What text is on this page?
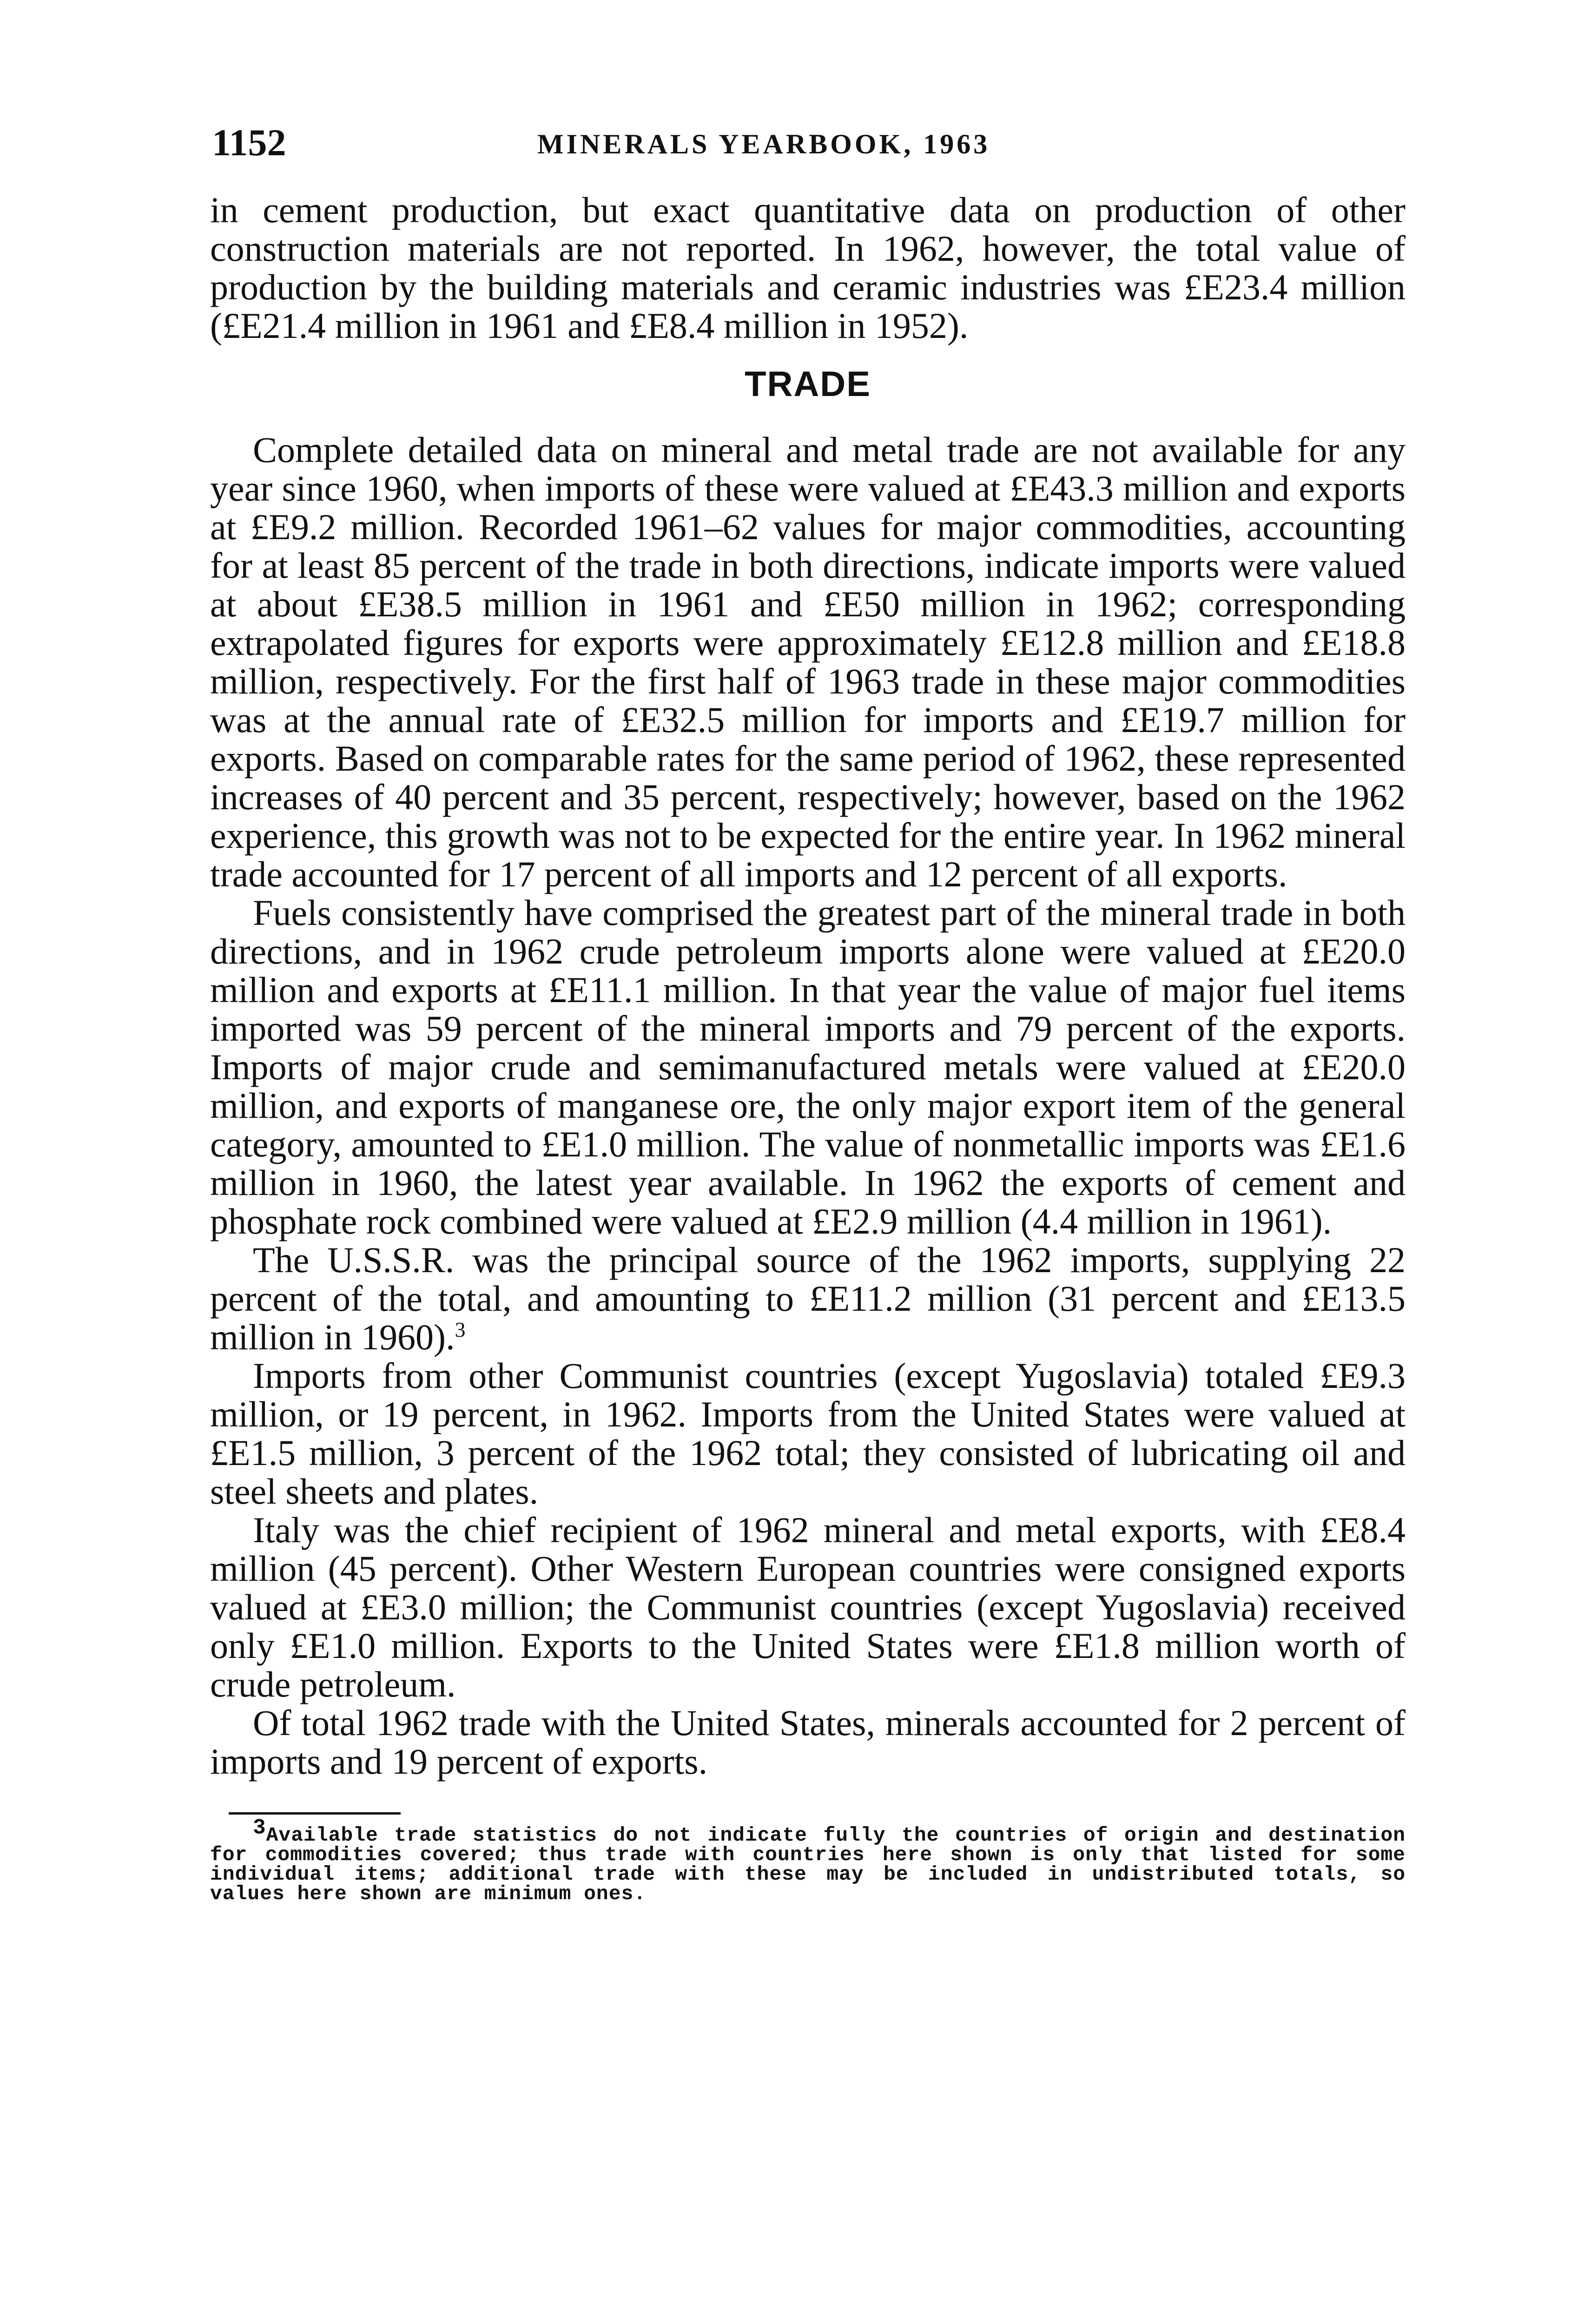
1152	MINERALS YEARBOOK, 1963

in cement production, but exact quantitative data on production of other construction materials are not reported. In 1962, however, the total value of production by the building materials and ceramic industries was £E23.4 million (£E21.4 million in 1961 and £E8.4 million in 1952).

TRADE

Complete detailed data on mineral and metal trade are not available for any year since 1960, when imports of these were valued at £E43.3 million and exports at £E9.2 million. Recorded 1961–62 values for major commodities, accounting for at least 85 percent of the trade in both directions, indicate imports were valued at about £E38.5 million in 1961 and £E50 million in 1962; corresponding extrapolated figures for exports were approximately £E12.8 million and £E18.8 million, respectively. For the first half of 1963 trade in these major commodities was at the annual rate of £E32.5 million for imports and £E19.7 million for exports. Based on comparable rates for the same period of 1962, these represented increases of 40 percent and 35 percent, respectively; however, based on the 1962 experience, this growth was not to be expected for the entire year. In 1962 mineral trade accounted for 17 percent of all imports and 12 percent of all exports.

Fuels consistently have comprised the greatest part of the mineral trade in both directions, and in 1962 crude petroleum imports alone were valued at £E20.0 million and exports at £E11.1 million. In that year the value of major fuel items imported was 59 percent of the mineral imports and 79 percent of the exports. Imports of major crude and semimanufactured metals were valued at £E20.0 million, and exports of manganese ore, the only major export item of the general category, amounted to £E1.0 million. The value of nonmetallic imports was £E1.6 million in 1960, the latest year available. In 1962 the exports of cement and phosphate rock combined were valued at £E2.9 million (4.4 million in 1961).

The U.S.S.R. was the principal source of the 1962 imports, supplying 22 percent of the total, and amounting to £E11.2 million (31 percent and £E13.5 million in 1960).$^3$

Imports from other Communist countries (except Yugoslavia) totaled £E9.3 million, or 19 percent, in 1962. Imports from the United States were valued at £E1.5 million, 3 percent of the 1962 total; they consisted of lubricating oil and steel sheets and plates.

Italy was the chief recipient of 1962 mineral and metal exports, with £E8.4 million (45 percent). Other Western European countries were consigned exports valued at £E3.0 million; the Communist countries (except Yugoslavia) received only £E1.0 million. Exports to the United States were £E1.8 million worth of crude petroleum.

Of total 1962 trade with the United States, minerals accounted for 2 percent of imports and 19 percent of exports.

$^3$Available trade statistics do not indicate fully the countries of origin and destination for commodities covered; thus trade with countries here shown is only that listed for some individual items; additional trade with these may be included in undistributed totals, so values here shown are minimum ones.
